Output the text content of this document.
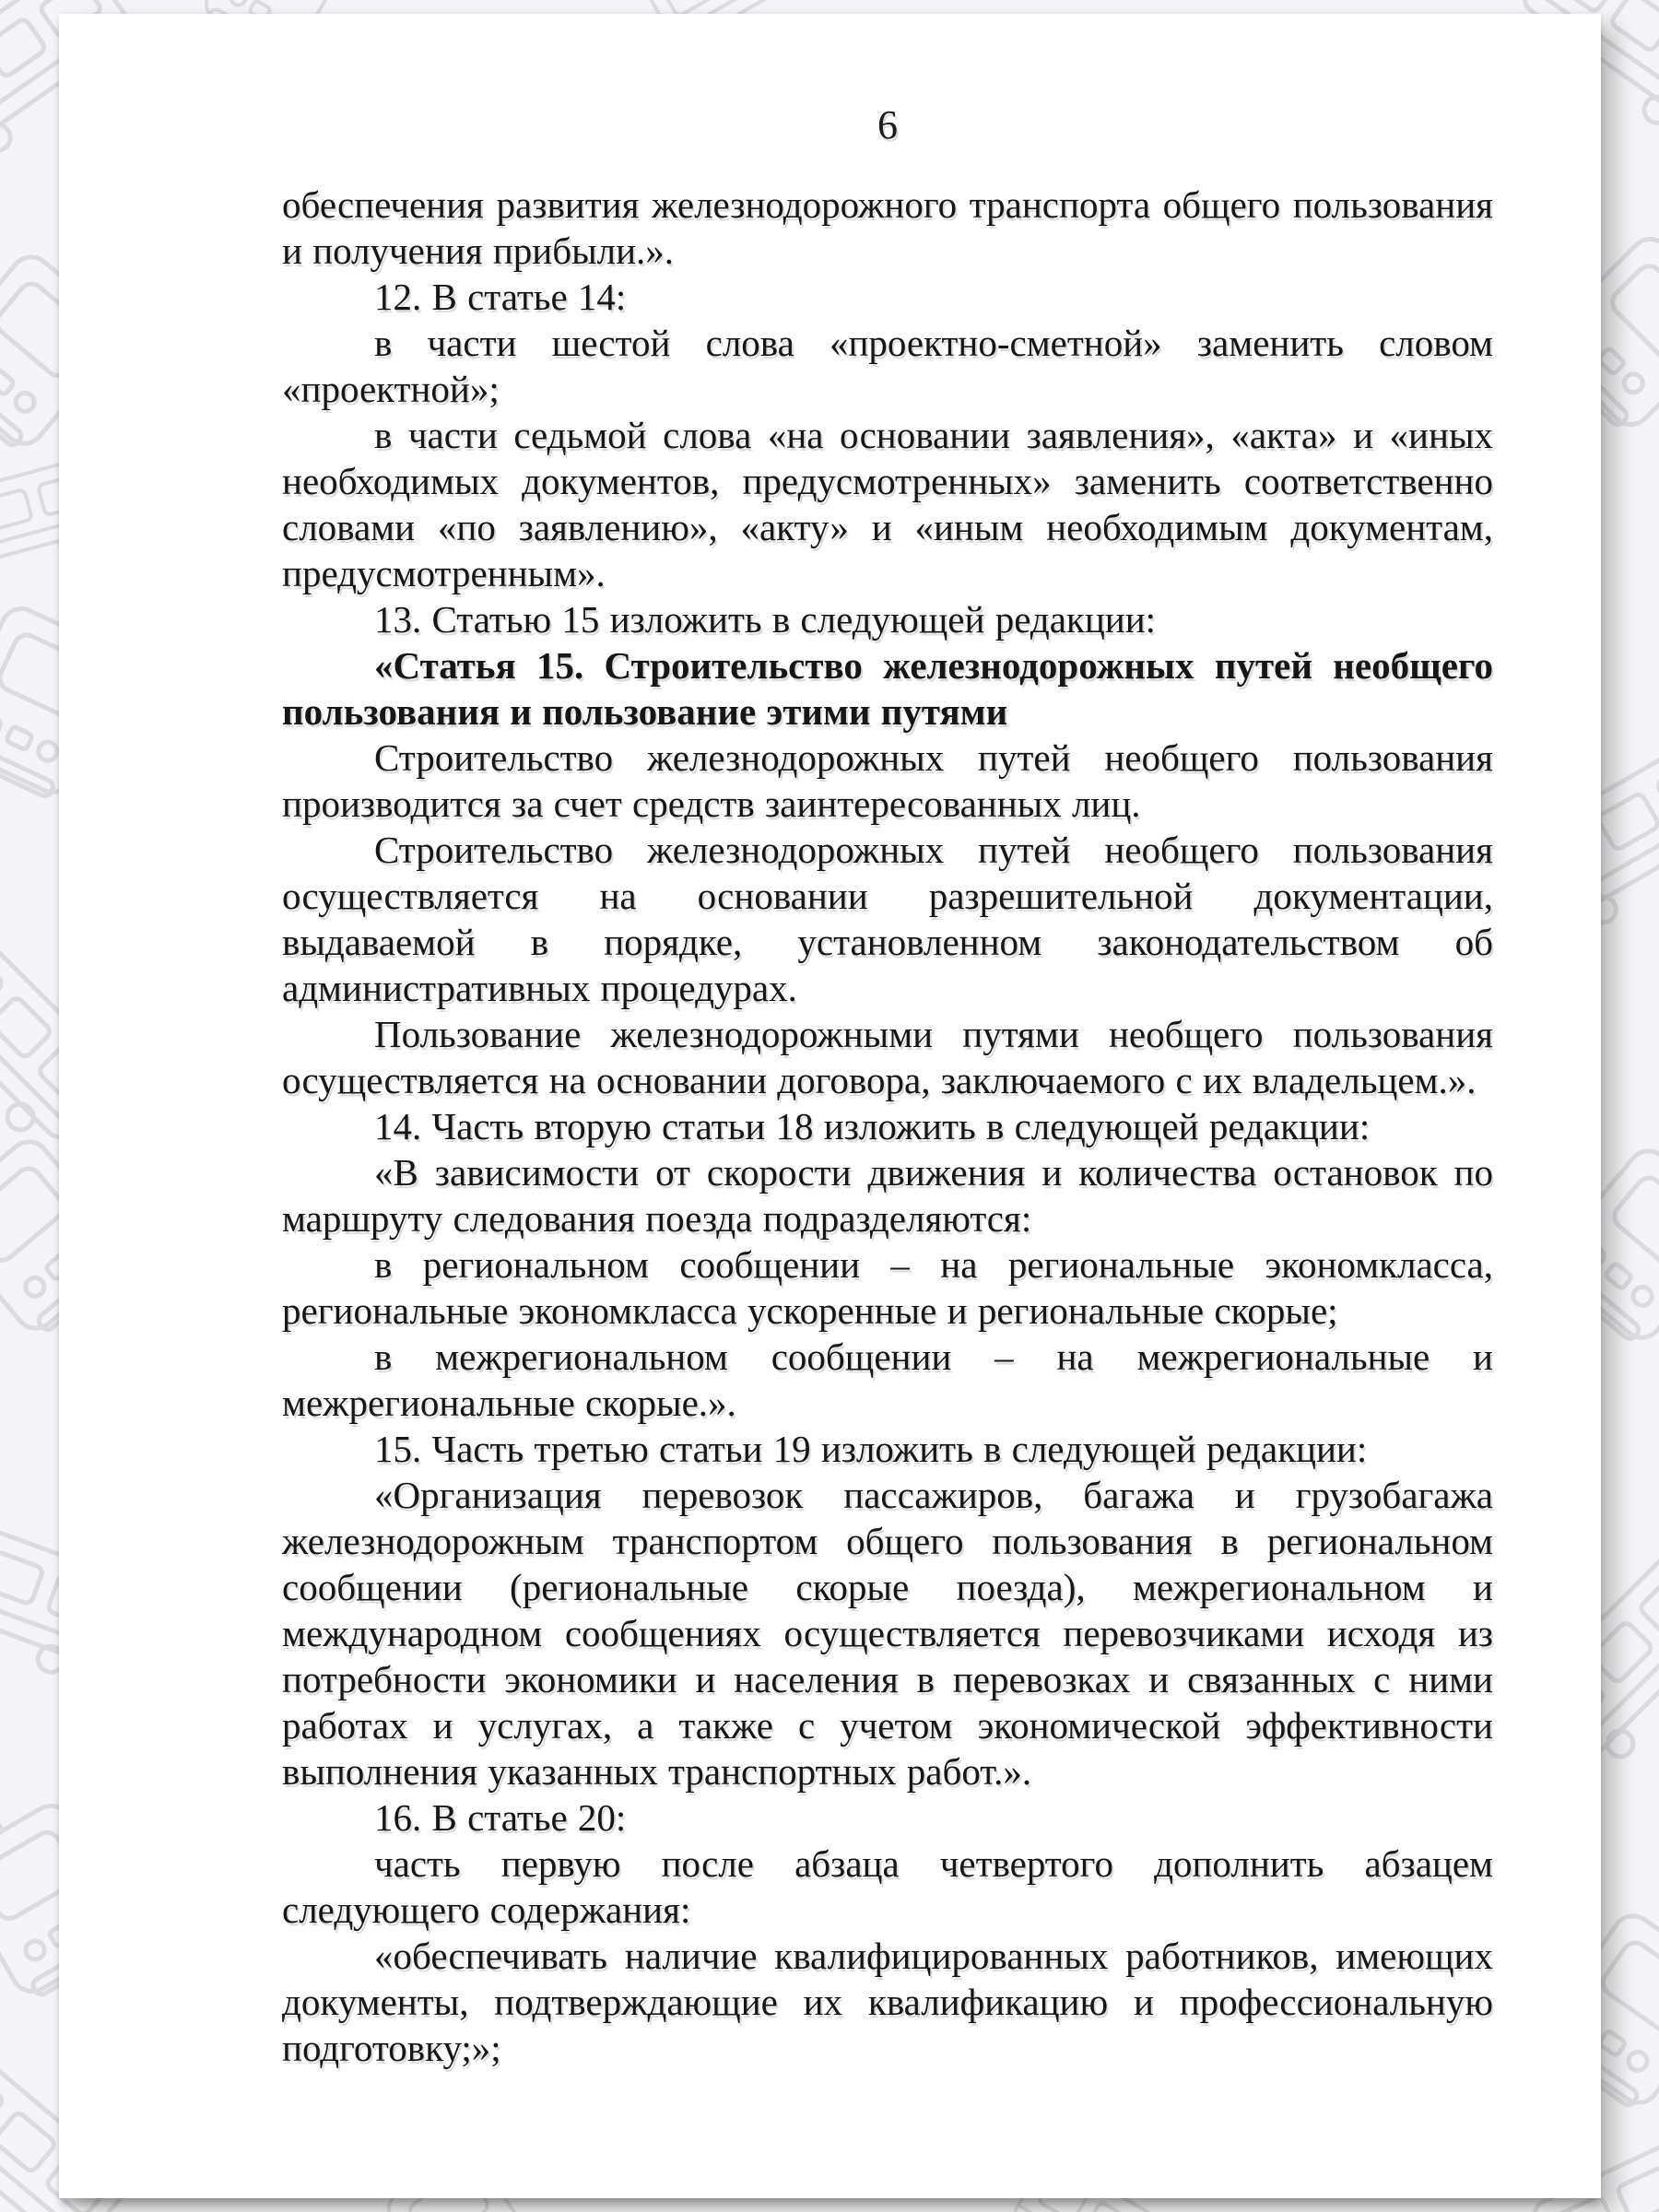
6

обеспечения развития железнодорожного транспорта общего пользования и получения прибыли.».

12. В статье 14:

в части шестой слова «проектно-сметной» заменить словом «проектной»;

в части седьмой слова «на основании заявления», «акта» и «иных необходимых документов, предусмотренных» заменить соответственно словами «по заявлению», «акту» и «иным необходимым документам, предусмотренным».

13. Статью 15 изложить в следующей редакции:

«Статья 15. Строительство железнодорожных путей необщего пользования и пользование этими путями

Строительство железнодорожных путей необщего пользования производится за счет средств заинтересованных лиц.

Строительство железнодорожных путей необщего пользования осуществляется на основании разрешительной документации, выдаваемой в порядке, установленном законодательством об административных процедурах.

Пользование железнодорожными путями необщего пользования осуществляется на основании договора, заключаемого с их владельцем.».

14. Часть вторую статьи 18 изложить в следующей редакции:

«В зависимости от скорости движения и количества остановок по маршруту следования поезда подразделяются:

в региональном сообщении – на региональные экономкласса, региональные экономкласса ускоренные и региональные скорые;

в межрегиональном сообщении – на межрегиональные и межрегиональные скорые.».

15. Часть третью статьи 19 изложить в следующей редакции:

«Организация перевозок пассажиров, багажа и грузобагажа железнодорожным транспортом общего пользования в региональном сообщении (региональные скорые поезда), межрегиональном и международном сообщениях осуществляется перевозчиками исходя из потребности экономики и населения в перевозках и связанных с ними работах и услугах, а также с учетом экономической эффективности выполнения указанных транспортных работ.».

16. В статье 20:

часть первую после абзаца четвертого дополнить абзацем следующего содержания:

«обеспечивать наличие квалифицированных работников, имеющих документы, подтверждающие их квалификацию и профессиональную подготовку;»;
